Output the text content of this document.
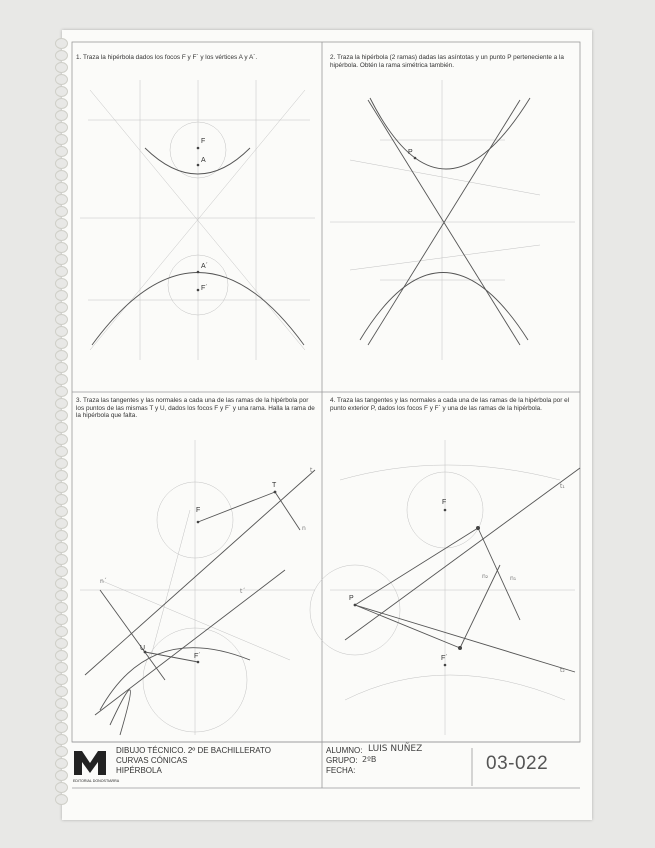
F
A
A´
F´
P
T
F
U
F´
t
n
n´
t´
P
F
F´
t₁
t₂
n₁
n₂
1. Traza la hipérbola dados los focos F y F´ y los vértices A y A´.	2. Traza la hipérbola (2 ramas) dadas las asíntotas y un punto P perteneciente a la hipérbola. Obtén la rama simétrica también.
3. Traza las tangentes y las normales a cada una de las ramas de la hipérbola por los puntos de las mismas T y U, dados los focos F y F´ y una rama. Halla la rama de la hipérbola que falta.
4. Traza las tangentes y las normales a cada una de las ramas de la hipérbola por el punto exterior P, dados los focos F y F´ y una de las ramas de la hipérbola.
EDITORIAL DONOSTIARRA
DIBUJO TÉCNICO. 2º DE BACHILLERATO
CURVAS CÓNICAS
HIPÉRBOLA
ALUMNO: LUIS NUÑEZ
GRUPO: 2ºB
FECHA:	03-022
